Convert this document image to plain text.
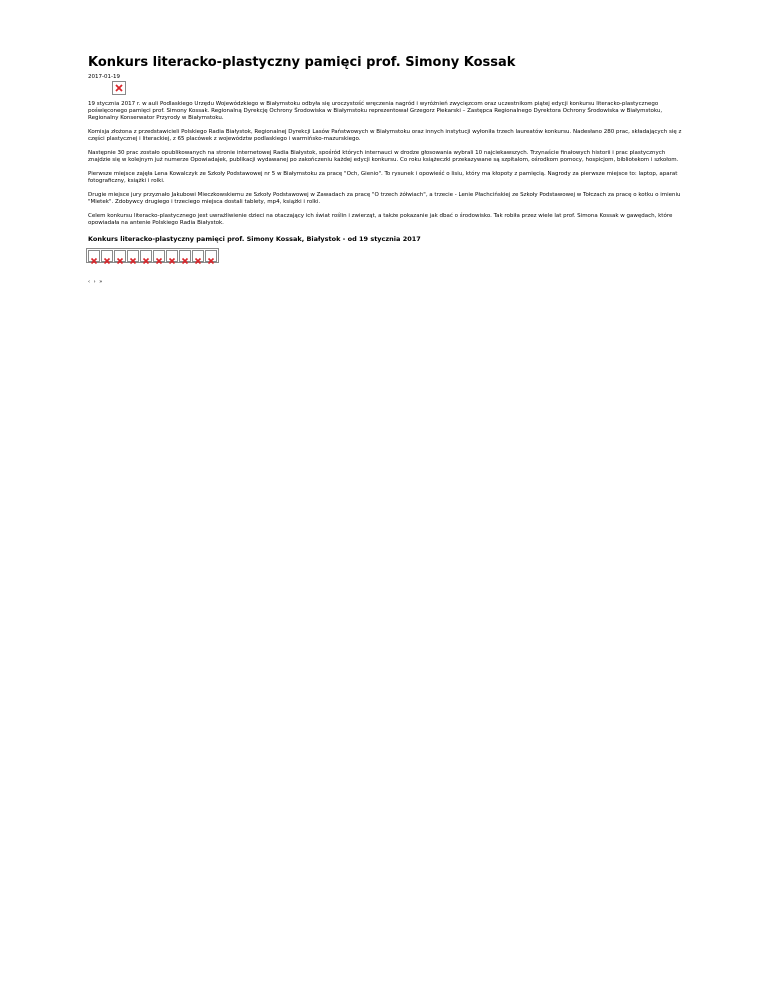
Konkurs literacko-plastyczny pamięci prof. Simony Kossak
2017-01-19

19 stycznia 2017 r. w auli Podlaskiego Urzędu Wojewódzkiego w Białymstoku odbyła się uroczystość wręczenia nagród i wyróżnień zwycięzcom oraz uczestnikom piątej edycji konkursu literacko-plastycznego poświęconego pamięci prof. Simony Kossak. Regionalną Dyrekcję Ochrony Środowiska w Białymstoku reprezentował Grzegorz Piekarski – Zastępca Regionalnego Dyrektora Ochrony Środowiska w Białymstoku, Regionalny Konserwator Przyrody w Białymstoku.

Komisja złożona z przedstawicieli Polskiego Radia Białystok, Regionalnej Dyrekcji Lasów Państwowych w Białymstoku oraz innych instytucji wyłoniła trzech laureatów konkursu. Nadesłano 280 prac, składających się z części plastycznej i literackiej, z 65 placówek z województw podlaskiego i warmińsko-mazurskiego.

Następnie 30 prac zostało opublikowanych na stronie internetowej Radia Białystok, spośród których internauci w drodze głosowania wybrali 10 najciekawszych. Trzynaście finałowych historii i prac plastycznych znajdzie się w kolejnym już numerze Opowiadajek, publikacji wydawanej po zakończeniu każdej edycji konkursu. Co roku książeczki przekazywane są szpitalom, ośrodkom pomocy, hospicjom, bibliotekom i szkołom.

Pierwsze miejsce zajęła Lena Kowalczyk ze Szkoły Podstawowej nr 5 w Białymstoku za pracę "Och, Gienio". To rysunek i opowieść o lisiu, który ma kłopoty z pamięcią. Nagrody za pierwsze miejsce to: laptop, aparat fotograficzny, książki i rolki.

Drugie miejsce jury przyznało Jakubowi Mieczkowskiemu ze Szkoły Podstawowej w Zawadach za pracę "O trzech żółwiach", a trzecie - Lenie Płachcińskiej ze Szkoły Podstawowej w Tołczach za pracę o kotku o imieniu "Mietek". Zdobywcy drugiego i trzeciego miejsca dostali tablety, mp4, książki i rolki.

Celem konkursu literacko-plastycznego jest uwrażliwienie dzieci na otaczający ich świat roślin i zwierząt, a także pokazanie jak dbać o środowisko. Tak robiła przez wiele lat prof. Simona Kossak w gawędach, które opowiadała na antenie Polskiego Radia Białystok.

Konkurs literacko-plastyczny pamięci prof. Simony Kossak, Białystok - od 19 stycznia 2017
‹ › »
